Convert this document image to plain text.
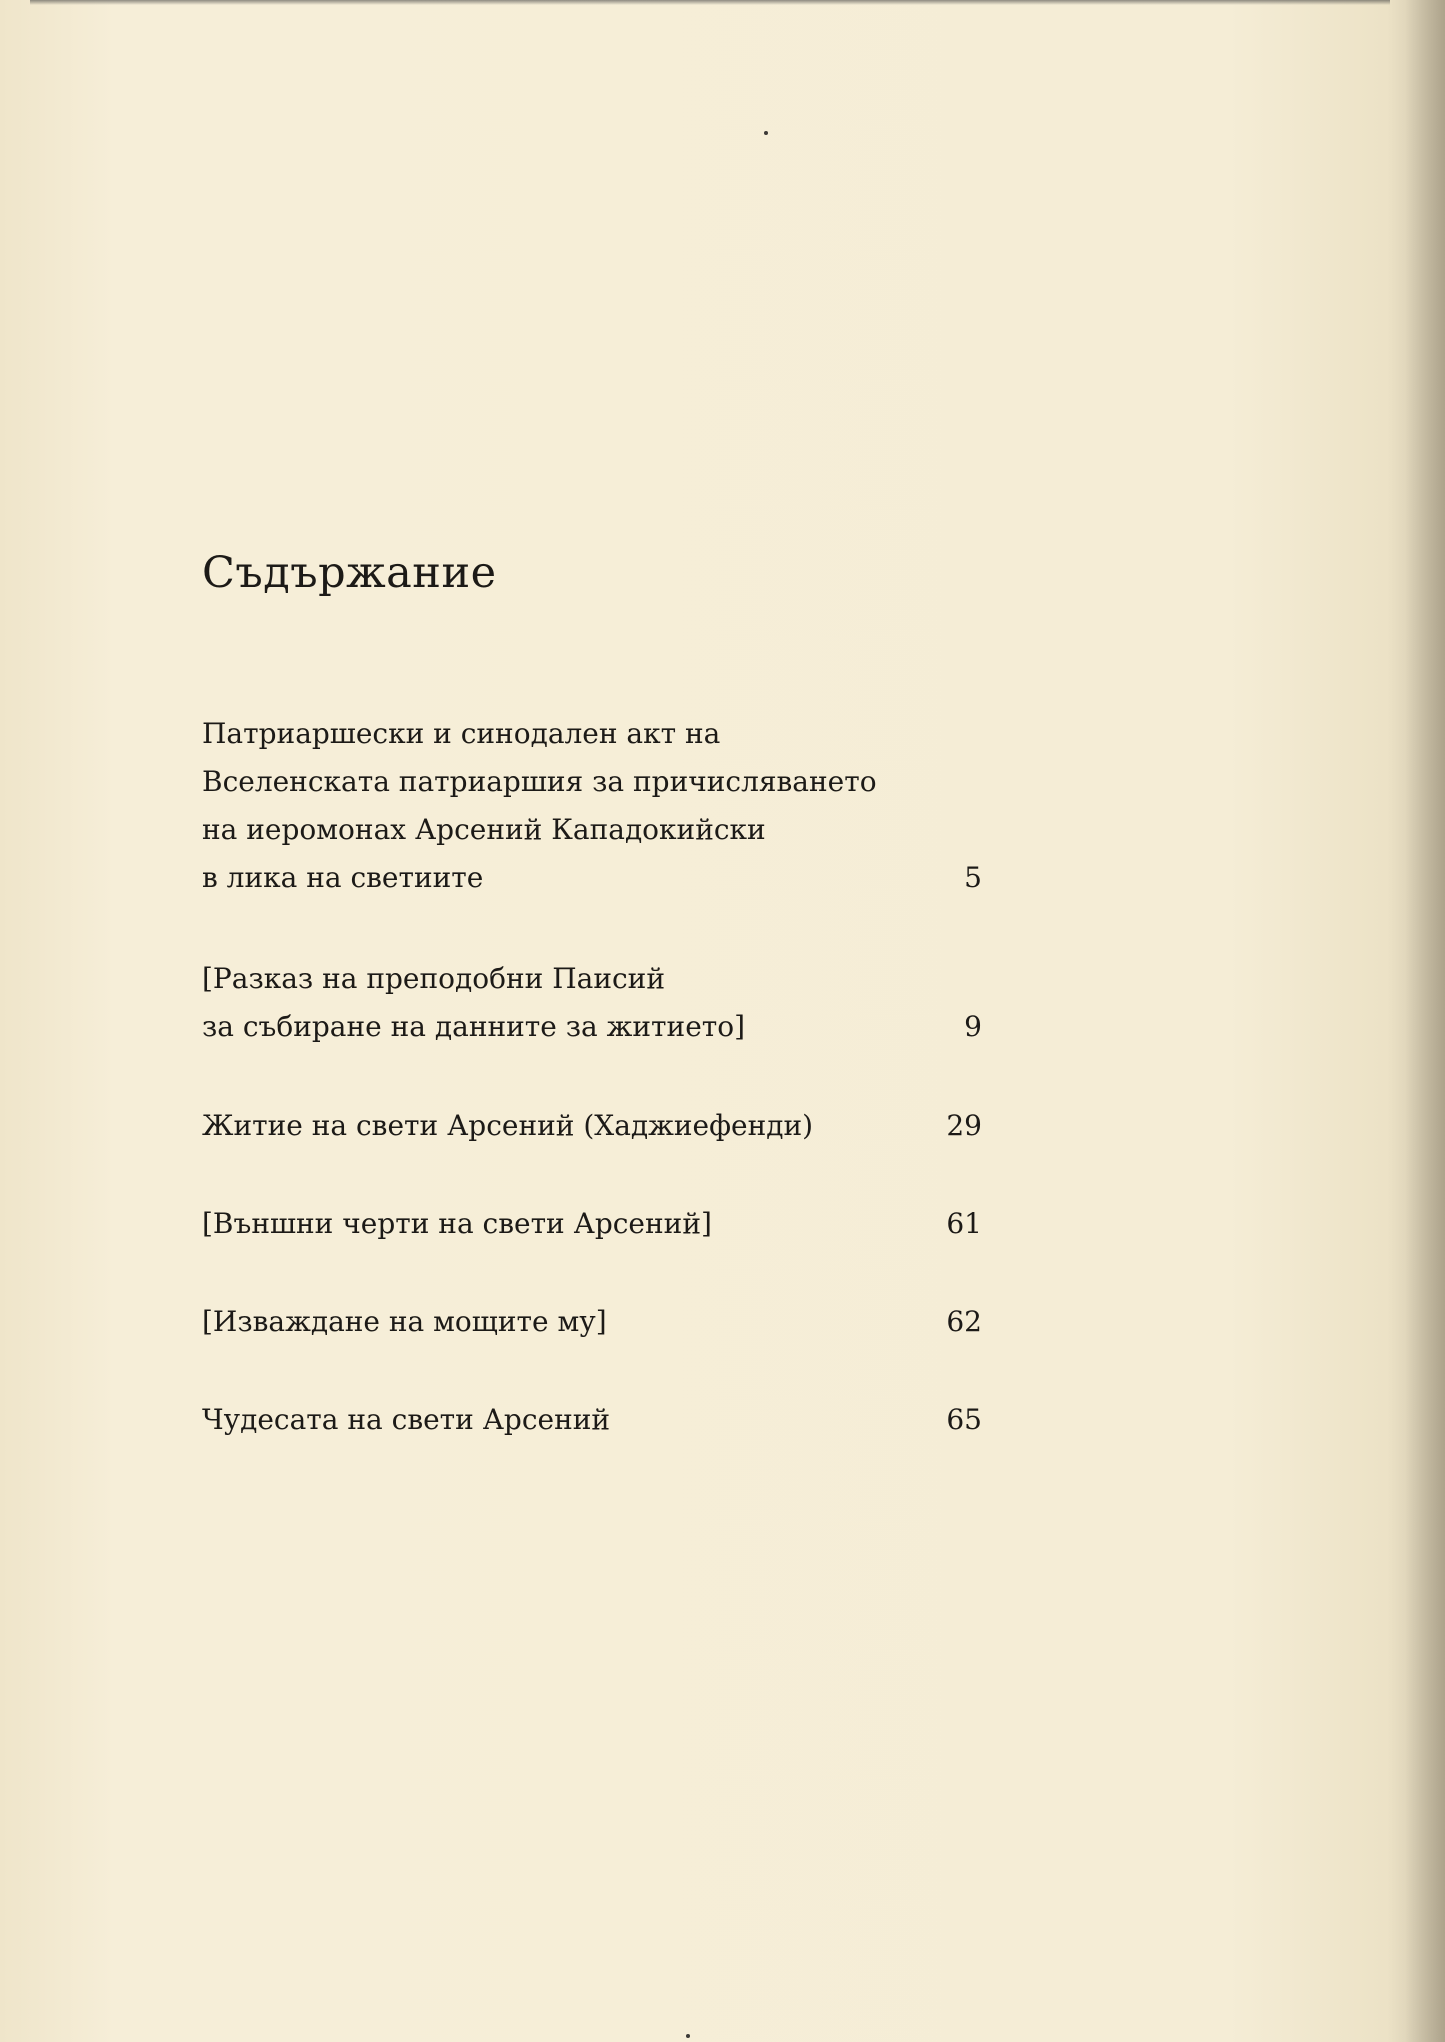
Съдържание
Патриаршески и синодален акт на
Вселенската патриаршия за причисляването
на иеромонах Арсений Кападокийски
в лика на светиите	5
[Разказ на преподобни Паисий
за събиране на данните за житието]	9
Житие на свети Арсений (Хаджиефенди)	29
[Външни черти на свети Арсений]	61
[Изваждане на мощите му]	62
Чудесата на свети Арсений	65
